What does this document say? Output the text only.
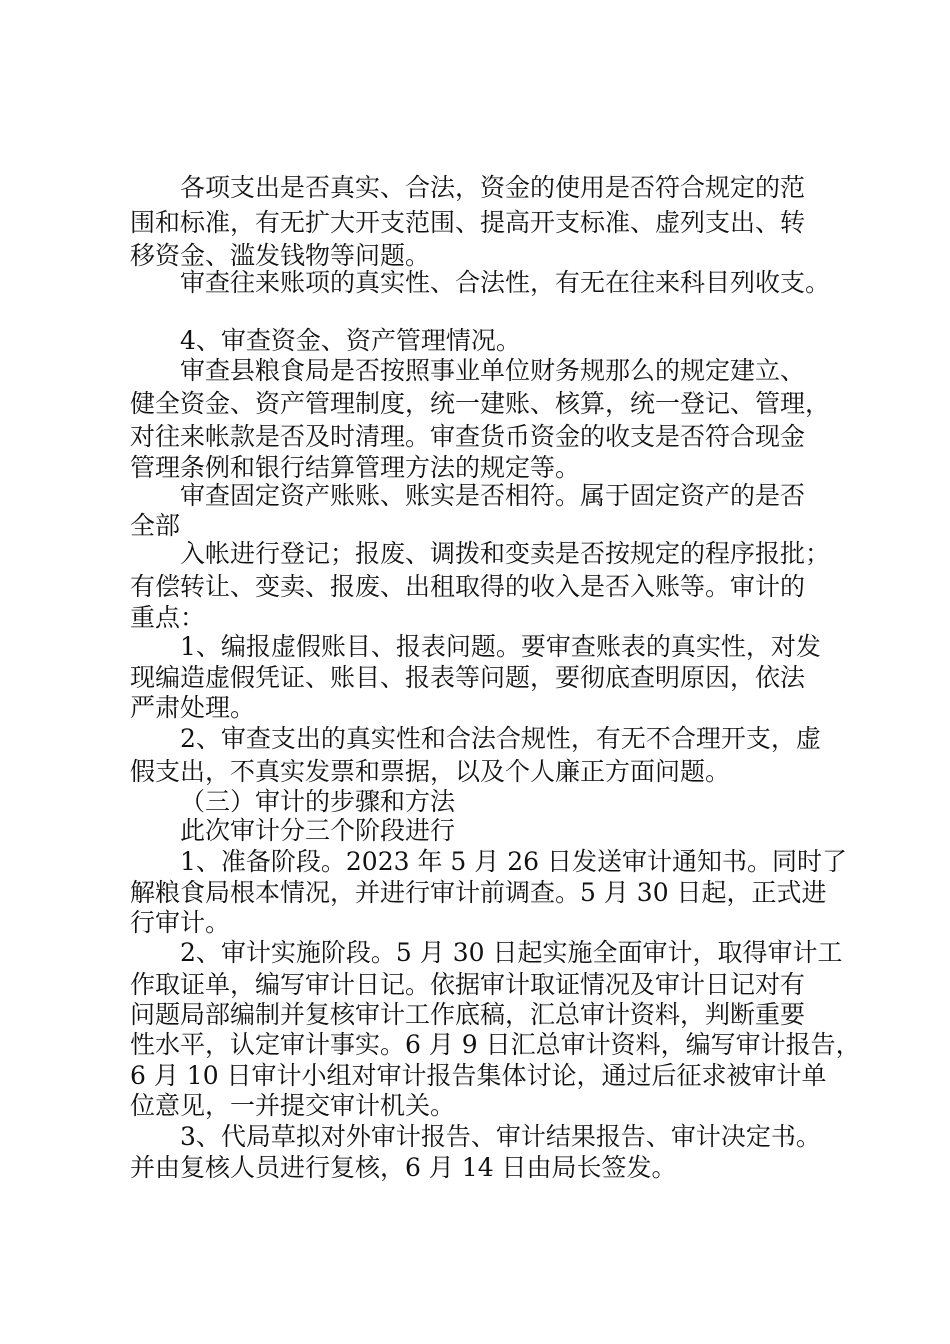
各项支出是否真实、合法，资金的使用是否符合规定的范
围和标准，有无扩大开支范围、提高开支标准、虚列支出、转
移资金、滥发钱物等问题。
审查往来账项的真实性、合法性，有无在往来科目列收支。
4、审查资金、资产管理情况。
审查县粮食局是否按照事业单位财务规那么的规定建立、
健全资金、资产管理制度，统一建账、核算，统一登记、管理，
对往来帐款是否及时清理。审查货币资金的收支是否符合现金
管理条例和银行结算管理方法的规定等。
审查固定资产账账、账实是否相符。属于固定资产的是否
全部
入帐进行登记；报废、调拨和变卖是否按规定的程序报批；
有偿转让、变卖、报废、出租取得的收入是否入账等。审计的
重点：
1、编报虚假账目、报表问题。要审查账表的真实性，对发
现编造虚假凭证、账目、报表等问题，要彻底查明原因，依法
严肃处理。
2、审查支出的真实性和合法合规性，有无不合理开支，虚
假支出，不真实发票和票据，以及个人廉正方面问题。
（三）审计的步骤和方法
此次审计分三个阶段进行
1、准备阶段。2023 年 5 月 26 日发送审计通知书。同时了
解粮食局根本情况，并进行审计前调查。5 月 30 日起，正式进
行审计。
2、审计实施阶段。5 月 30 日起实施全面审计，取得审计工
作取证单，编写审计日记。依据审计取证情况及审计日记对有
问题局部编制并复核审计工作底稿，汇总审计资料，判断重要
性水平，认定审计事实。6 月 9 日汇总审计资料，编写审计报告，
6 月 10 日审计小组对审计报告集体讨论，通过后征求被审计单
位意见，一并提交审计机关。
3、代局草拟对外审计报告、审计结果报告、审计决定书。
并由复核人员进行复核，6 月 14 日由局长签发。
